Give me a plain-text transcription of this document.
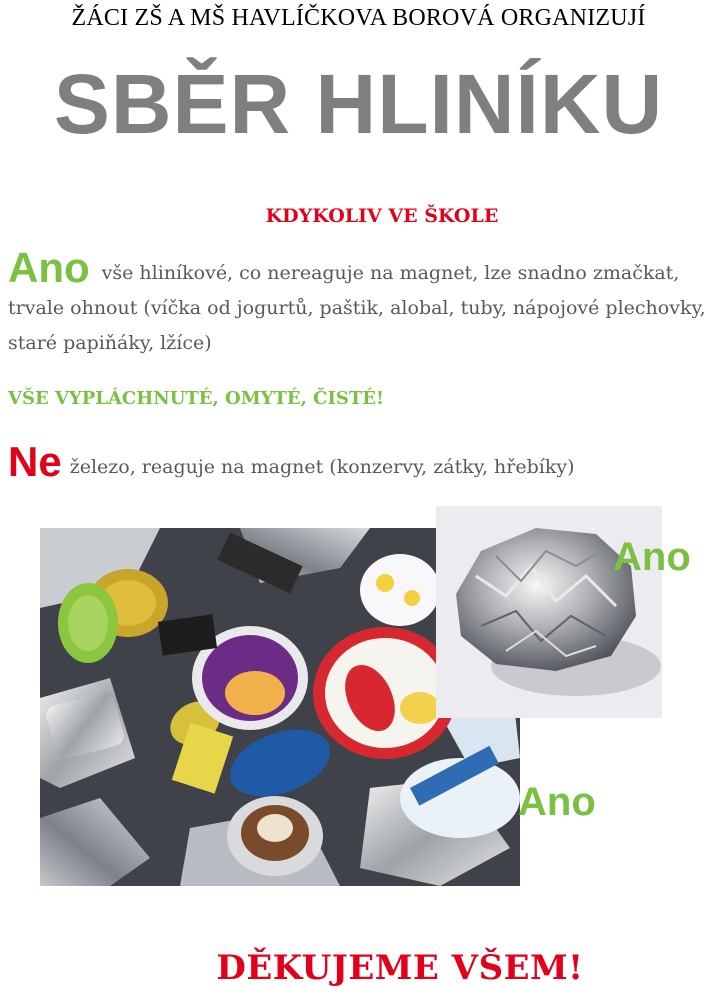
ŽÁCI ZŠ A MŠ HAVLÍČKOVA BOROVÁ ORGANIZUJÍ
SBĚR HLINÍKU
KDYKOLIV VE ŠKOLE
Ano vše hliníkové, co nereaguje na magnet, lze snadno zmačkat, trvale ohnout (víčka od jogurtů, paštik, alobal, tuby, nápojové plechovky, staré papiňáky, lžíce)
VŠE VYPLÁCHNUTÉ, OMYTÉ, ČISTÉ!
Ne železo, reaguje na magnet (konzervy, zátky, hřebíky)
Ano
Ano
DĚKUJEME VŠEM!
